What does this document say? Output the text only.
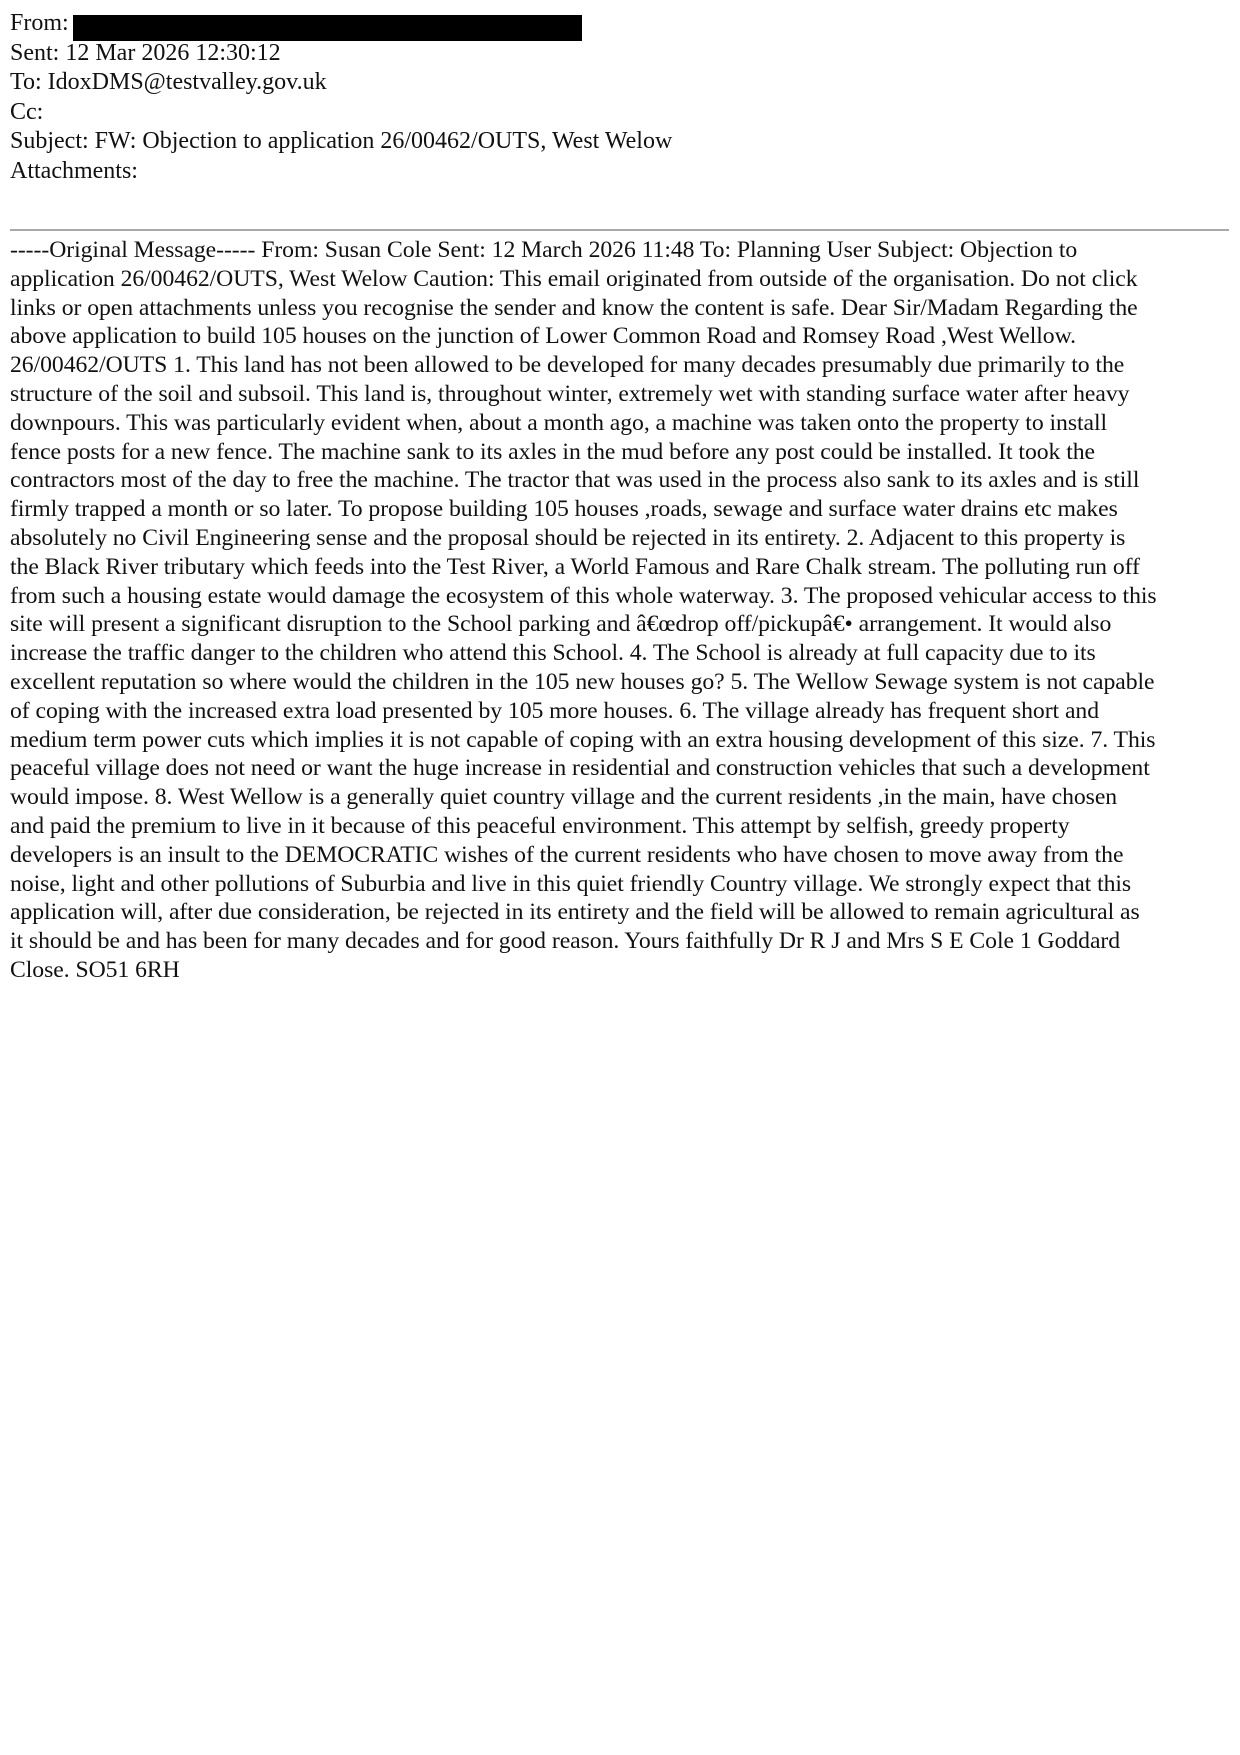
From:
Sent: 12 Mar 2026 12:30:12
To: IdoxDMS@testvalley.gov.uk
Cc:
Subject: FW: Objection to application 26/00462/OUTS, West Welow
Attachments:
-----Original Message----- From: Susan Cole Sent: 12 March 2026 11:48 To: Planning User Subject: Objection to
application 26/00462/OUTS, West Welow Caution: This email originated from outside of the organisation. Do not click
links or open attachments unless you recognise the sender and know the content is safe. Dear Sir/Madam Regarding the
above application to build 105 houses on the junction of Lower Common Road and Romsey Road ,West Wellow.
26/00462/OUTS 1. This land has not been allowed to be developed for many decades presumably due primarily to the
structure of the soil and subsoil. This land is, throughout winter, extremely wet with standing surface water after heavy
downpours. This was particularly evident when, about a month ago, a machine was taken onto the property to install
fence posts for a new fence. The machine sank to its axles in the mud before any post could be installed. It took the
contractors most of the day to free the machine. The tractor that was used in the process also sank to its axles and is still
firmly trapped a month or so later. To propose building 105 houses ,roads, sewage and surface water drains etc makes
absolutely no Civil Engineering sense and the proposal should be rejected in its entirety. 2. Adjacent to this property is
the Black River tributary which feeds into the Test River, a World Famous and Rare Chalk stream. The polluting run off
from such a housing estate would damage the ecosystem of this whole waterway. 3. The proposed vehicular access to this
site will present a significant disruption to the School parking and â€œdrop off/pickupâ€• arrangement. It would also
increase the traffic danger to the children who attend this School. 4. The School is already at full capacity due to its
excellent reputation so where would the children in the 105 new houses go? 5. The Wellow Sewage system is not capable
of coping with the increased extra load presented by 105 more houses. 6. The village already has frequent short and
medium term power cuts which implies it is not capable of coping with an extra housing development of this size. 7. This
peaceful village does not need or want the huge increase in residential and construction vehicles that such a development
would impose. 8. West Wellow is a generally quiet country village and the current residents ,in the main, have chosen
and paid the premium to live in it because of this peaceful environment. This attempt by selfish, greedy property
developers is an insult to the DEMOCRATIC wishes of the current residents who have chosen to move away from the
noise, light and other pollutions of Suburbia and live in this quiet friendly Country village. We strongly expect that this
application will, after due consideration, be rejected in its entirety and the field will be allowed to remain agricultural as
it should be and has been for many decades and for good reason. Yours faithfully Dr R J and Mrs S E Cole 1 Goddard
Close. SO51 6RH
